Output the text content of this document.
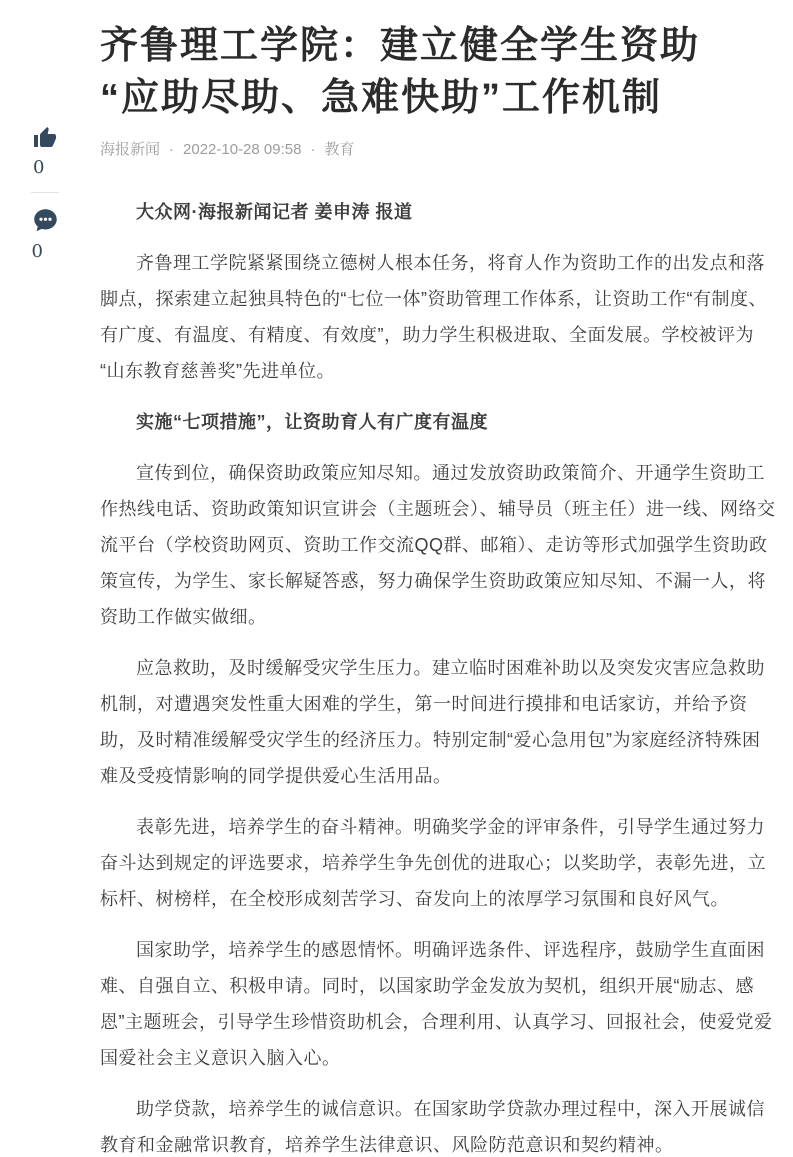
0
0
齐鲁理工学院：建立健全学生资助“应助尽助、急难快助”工作机制
海报新闻 · 2022-10-28 09:58 · 教育

大众网·海报新闻记者 姜申涛 报道

齐鲁理工学院紧紧围绕立德树人根本任务，将育人作为资助工作的出发点和落脚点，探索建立起独具特色的“七位一体”资助管理工作体系，让资助工作“有制度、有广度、有温度、有精度、有效度”，助力学生积极进取、全面发展。学校被评为“山东教育慈善奖”先进单位。

实施“七项措施”，让资助育人有广度有温度

宣传到位，确保资助政策应知尽知。通过发放资助政策简介、开通学生资助工作热线电话、资助政策知识宣讲会（主题班会）、辅导员（班主任）进一线、网络交流平台（学校资助网页、资助工作交流QQ群、邮箱）、走访等形式加强学生资助政策宣传，为学生、家长解疑答惑，努力确保学生资助政策应知尽知、不漏一人，将资助工作做实做细。

应急救助，及时缓解受灾学生压力。建立临时困难补助以及突发灾害应急救助机制，对遭遇突发性重大困难的学生，第一时间进行摸排和电话家访，并给予资助，及时精准缓解受灾学生的经济压力。特别定制“爱心急用包”为家庭经济特殊困难及受疫情影响的同学提供爱心生活用品。

表彰先进，培养学生的奋斗精神。明确奖学金的评审条件，引导学生通过努力奋斗达到规定的评选要求，培养学生争先创优的进取心；以奖助学，表彰先进，立标杆、树榜样，在全校形成刻苦学习、奋发向上的浓厚学习氛围和良好风气。

国家助学，培养学生的感恩情怀。明确评选条件、评选程序，鼓励学生直面困难、自强自立、积极申请。同时，以国家助学金发放为契机，组织开展“励志、感恩”主题班会，引导学生珍惜资助机会，合理利用、认真学习、回报社会，使爱党爱国爱社会主义意识入脑入心。

助学贷款，培养学生的诚信意识。在国家助学贷款办理过程中，深入开展诚信教育和金融常识教育，培养学生法律意识、风险防范意识和契约精神。
